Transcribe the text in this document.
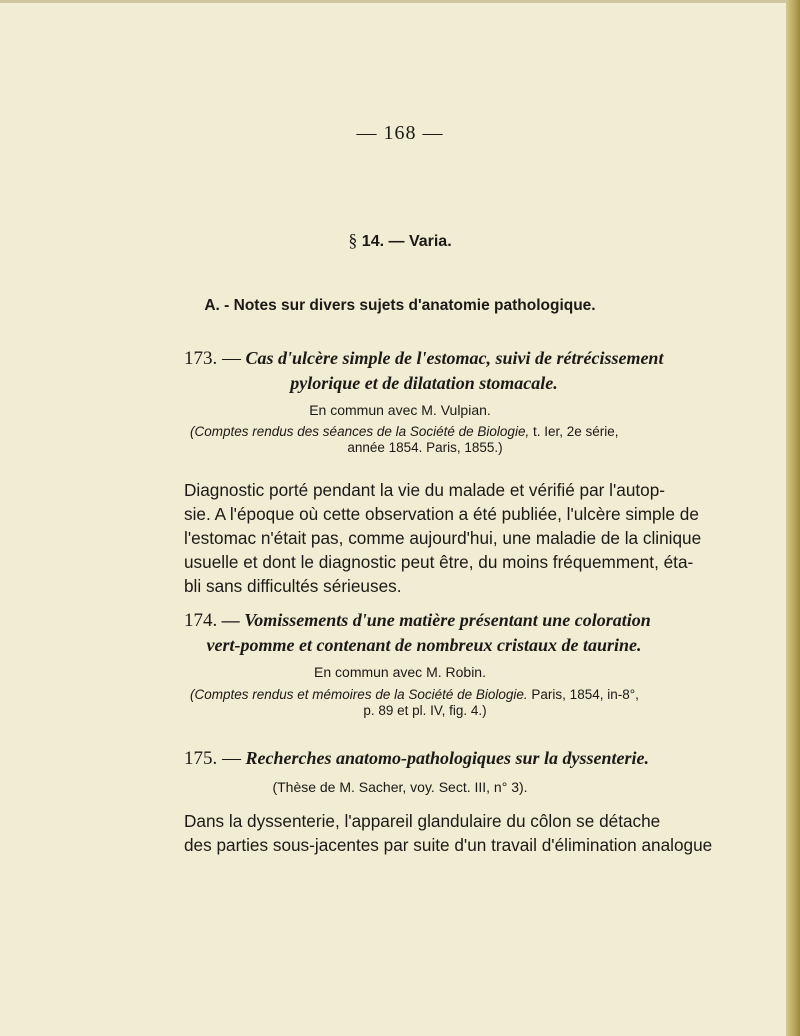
— 168 —
§ 14. — Varia.
A. - Notes sur divers sujets d'anatomie pathologique.
173. — Cas d'ulcère simple de l'estomac, suivi de rétrécissement
pylorique et de dilatation stomacale.
En commun avec M. Vulpian.
(Comptes rendus des séances de la Société de Biologie, t. Ier, 2e série,
année 1854. Paris, 1855.)
Diagnostic porté pendant la vie du malade et vérifié par l'autop-
sie. A l'époque où cette observation a été publiée, l'ulcère simple de
l'estomac n'était pas, comme aujourd'hui, une maladie de la clinique
usuelle et dont le diagnostic peut être, du moins fréquemment, éta-
bli sans difficultés sérieuses.
174. — Vomissements d'une matière présentant une coloration
vert-pomme et contenant de nombreux cristaux de taurine.
En commun avec M. Robin.
(Comptes rendus et mémoires de la Société de Biologie. Paris, 1854, in-8°,
p. 89 et pl. IV, fig. 4.)
175. — Recherches anatomo-pathologiques sur la dyssenterie.
(Thèse de M. Sacher, voy. Sect. III, n° 3).
Dans la dyssenterie, l'appareil glandulaire du côlon se détache
des parties sous-jacentes par suite d'un travail d'élimination analogue
